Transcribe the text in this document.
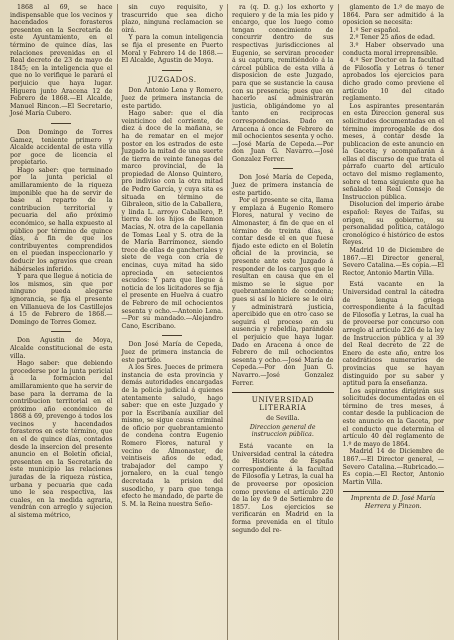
1868 al 69, se hace indispensable que los vecinos y hacendados forasteros presenten en la Secretaría de este Ayuntamiento, en el término de quince días, las relaciones prevenidas en el Real decreto de 23 de mayo de 1845; en la inteligencia que el que no lo verifique le parará el perjuicio que haya lugar. Higuera junto Aracena 12 de Febrero de 1868.—El Alcalde, Manuel Rincon.—El Secretario, José María Cubero.

Don Domingo de Torres Gamez, teniente primero y Alcalde accidental de esta villa por goce de licencia el propietario.

Hago saber: que terminado por la junta pericial el amillaramiento de la riqueza imponible que ha de servir de base al reparto de la contribucion territorial y pecuaria del año próximo económico, se halla expuesto al público por término de quince días, á fin de que los contribuyentes comprendidos en el puedan inspeccionarlo y deducir los agravios que crean hábérseles inferido.

Y para que llegue á noticia de los mismos, sin que por ninguno pueda alegarse ignorancia, se fija el presente en Villanueva de los Castillejos á 15 de Febrero de 1868.—Domingo de Torres Gomez.

Don Agustin de Moya, Alcalde constitucional de esta villa.

Hago saber: que debiendo procederse por la junta pericial á la formacion del amillaramiento que ha servir de base para la derrama de la contribucion territorial en el próximo año económico de 1868 á 69, prevengo á todos los vecinos y hacendados forasteros en este término, que en el de quince días, contados desde la insercion del presente anuncio en el Boletín oficial, presenten en la Secretaría de este municipio las relaciones juradas de la riqueza rústica, urbana y pecuaria que cada uno le sea respectiva, las cuales, en la medida agraria, vendrán con arreglo y sujecion al sistema métrico,

sin cuyo requisito, y trascurrido que sea dicho plazo, ninguna reclamacion se oirá.

Y para la comun inteligencia se fija el presente en Puerto Moral y Febrero 14 de 1868.—El Alcalde, Agustin de Moya.

JUZGADOS.

Don Antonio Lena y Romero, Juez de primera instancia de este partido.

Hago saber: que el día veinticinco del corriente, de diez á doce de la mañana, se ha de rematar en el mejor postor en los estrados de este Juzgado la mitad de una suerte de tierra de veinte fanegas del marco provincial, de la propiedad de Alonso Quintero, pro indiviso con la otra mitad de Pedro García, y cuya sita es situada en término de Gibraleon, sitio de la Caballera, y linda L. arroyo Caballero, P. tierra de los hijos de Ramon Macías, N. otra de la capellania de Tomas Leal y S. otra de la de María Barrimonez, siendo trece de ellas de gancheriales y siete de vega con cría de encinas, cuya mitad ha sido apreciada en setecientos escudos: Y para que llegue á noticia de los licitadores se fija el presente en Huelva á cuatro de Febrero de mil ochocientos sesenta y ocho.—Antonio Lena.—Por su mandado.—Alejandro Cano, Escribano.

Don José María de Cepeda, Juez de primera instancia de este partido.

A los Sres. Jueces de primera instancia de esta provincia y demás autoridades encargadas de la policía judicial á quienes atentamente saludo, hago saber: que en este Juzgado y por la Escribanía auxiliar del mismo, se sigue causa criminal de oficio por quebrantamiento de condena contra Eugenio Romero Flores, natural y vecino de Almonaster, de veintiseis años de edad, trabajador del campo y jornalero, en la cual tengo decretada la prision del susodicho, y para que tenga efecto he mandado, de parte de S. M. la Reina nuestra Seño-

ra (q. D. g.) los exhorto y requiero y de la mia les pido y encargo, que los luego como tengan conocimiento de concurrir dentro de sus respectivas jurisdicciones al Eugenio, se serviran proceder á su captura, remitiéndolo á la cárcel pública de esta villa á disposicion de este Juzgado, para que se sustancie la causa con su presencia; pues que en hacerlo así administrarán justicia, obligándome yo al tanto en reciprocas correspondencias. Dado en Aracena á once de Febrero de mil ochocientos sesenta y ocho.—José María de Cepeda.—Por don Juan G. Navarro.—José Gonzalez Ferrer.

Don José María de Cepeda, Juez de primera instancia de este partido.

Por el presente se cita, llama y emplaza á Eugenio Romero Flores, natural y vecino de Almonaster, á fin de que en el término de treinta días, á contar desde el en que fuese fijado este edicto en el Boletín oficial de la provincia, se presente ante este Juzgado á responder de los cargos que le resultan en causa que en el mismo se le sigue por quebrantamiento de condena; pues si así lo hiciere se le oirá y administrará justicia, apercibido que en otro caso se seguirá el proceso en su ausencia y rebeldía, parándole el perjuicio que haya lugar. Dado en Aracena á once de Febrero de mil ochocientos sesenta y ocho.—José María de Cepeda.—Por don Juan G. Navarro.—José Gonzalez Ferrer.

UNIVERSIDAD LITERARIA

de Sevilla.

Direccion general de instruccion pública.

Está vacante en la Universidad central la cátedra de Historia de España correspondiente á la facultad de Filosofía y Letras, la cual ha de proveerse por oposicion como previene el artículo 220 de la ley de 9 de Setiembre de 1857. Los ejercicios se verificarán en Madrid en la forma prevenida en el título segundo del re-

glamento de 1.º de mayo de 1864. Para ser admitido á la oposicion se necesita:

1.º Ser español.

2.º Tener 25 años de edad.

3.º Haber observado una conducta moral irreprensible.

4.º Ser Doctor en la facultad de Filosofía y Letras ó tener aprobados los ejercicios para dicho grado como previene el artículo 10 del citado reglamento.

Los aspirantes presentarán en esta Direccion general sus solicitudes documentadas en el término improrogable de dos meses, á contar desde la publicacion de este anuncio en la Gaceta; y acompañarán á ellas el discurso de que trata el párrafo cuarto del artículo octavo del mismo reglamento, sobre el tema siguiente que ha señalado el Real Consejo de Instruccion pública.

Disolucion del imperio árabe español: Reyes de Taifas, su origen, su gobierno, su personalidad política, catálogo cronológico é histórico de estos Reyes.

Madrid 10 de Diciembre de 1867.—El Director general, Severo Catalina.—Es copia.—El Rector, Antonio Martin Villa.

Está vacante en la Universidad central la cátedra de lengua griega correspondiente á la facultad de Filosofía y Letras, la cual ha de proveerse por concurso con arreglo al artículo 226 de la ley de Instruccion pública y al 39 del Real decreto de 22 de Enero de este año, entre los catedráticos numerarios de provincias que se hayan distinguido por su saber y aptitud para la enseñanza.

Los aspirantes dirigirán sus solicitudes documentadas en el término de tres meses, á contar desde la publicacion de este anuncio en la Gaceta, por el conducto que determina el artículo 40 del reglamento de 1.º de mayo de 1864.

Madrid 14 de Diciembre de 1867.—El Director general, —Severo Catalina.—Rubricado.—Es copia.—El Rector, Antonio Martin Villa.

Imprenta de D. José María Herrera y Pinzon.
